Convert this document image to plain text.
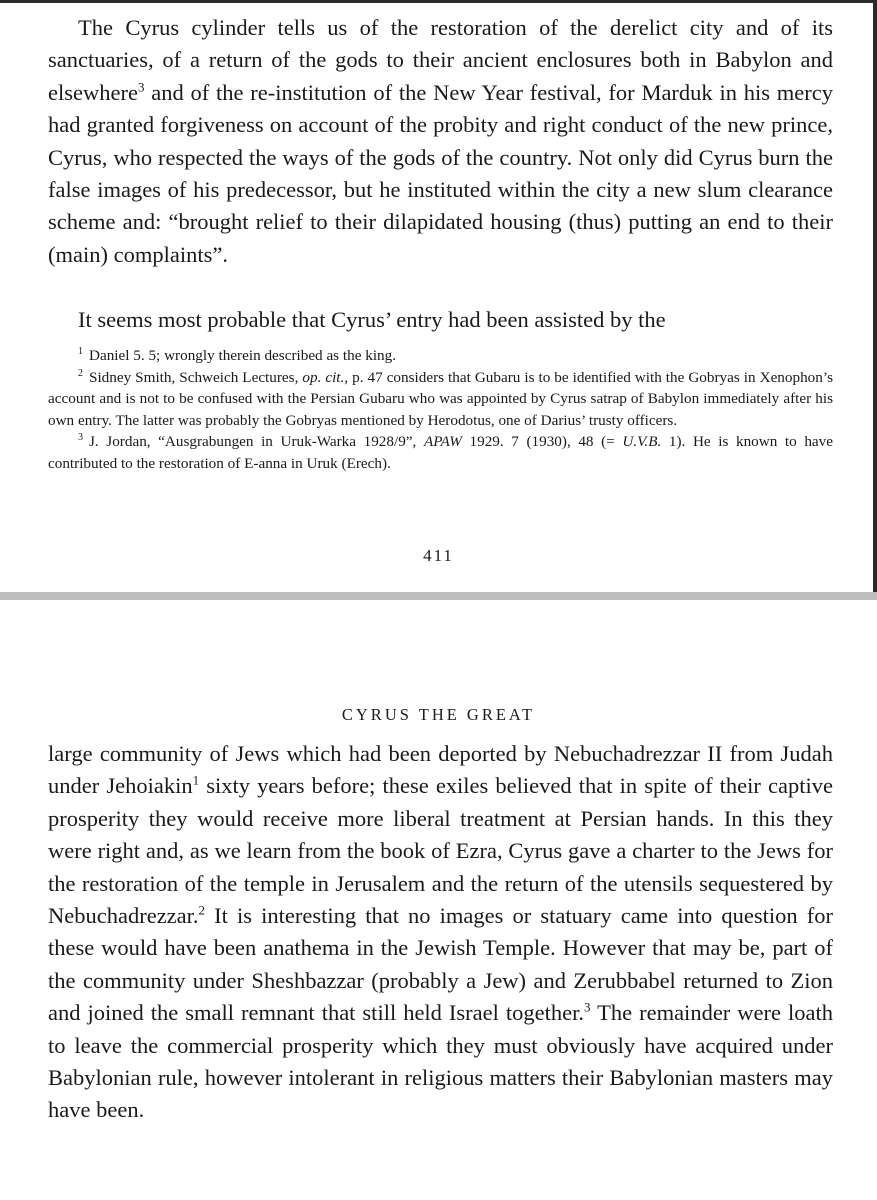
The Cyrus cylinder tells us of the restoration of the derelict city and of its sanctuaries, of a return of the gods to their ancient enclosures both in Babylon and elsewhere$^3$ and of the re-institution of the New Year festival, for Marduk in his mercy had granted forgiveness on account of the probity and right conduct of the new prince, Cyrus, who respected the ways of the gods of the country. Not only did Cyrus burn the false images of his predecessor, but he instituted within the city a new slum clearance scheme and: “brought relief to their dilapidated housing (thus) putting an end to their (main) complaints”.

It seems most probable that Cyrus’ entry had been assisted by the

$^1$ Daniel 5. 5; wrongly therein described as the king.

$^2$ Sidney Smith, Schweich Lectures, op. cit., p. 47 considers that Gubaru is to be identified with the Gobryas in Xenophon’s account and is not to be confused with the Persian Gubaru who was appointed by Cyrus satrap of Babylon immediately after his own entry. The latter was probably the Gobryas mentioned by Herodotus, one of Darius’ trusty officers.

$^3$ J. Jordan, “Ausgrabungen in Uruk-Warka 1928/9”, APAW 1929. 7 (1930), 48 (= U.V.B. 1). He is known to have contributed to the restoration of E-anna in Uruk (Erech).

411
CYRUS THE GREAT

large community of Jews which had been deported by Nebuchadrezzar II from Judah under Jehoiakin$^1$ sixty years before; these exiles believed that in spite of their captive prosperity they would receive more liberal treatment at Persian hands. In this they were right and, as we learn from the book of Ezra, Cyrus gave a charter to the Jews for the restoration of the temple in Jerusalem and the return of the utensils sequestered by Nebuchadrezzar.$^2$ It is interesting that no images or statuary came into question for these would have been anathema in the Jewish Temple. However that may be, part of the community under Sheshbazzar (probably a Jew) and Zerubbabel returned to Zion and joined the small remnant that still held Israel together.$^3$ The remainder were loath to leave the commercial prosperity which they must obviously have acquired under Babylonian rule, however intolerant in religious matters their Babylonian masters may have been.
